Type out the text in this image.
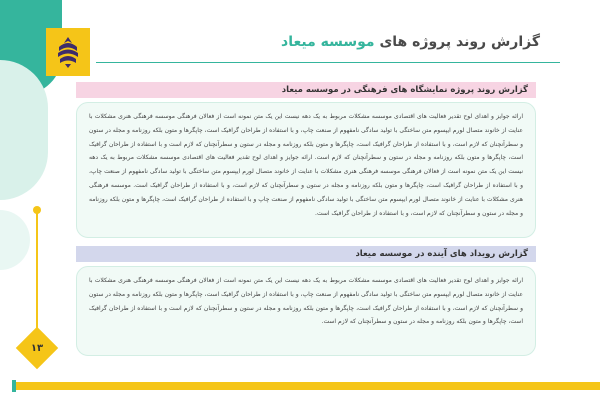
گزارش روند پروژه های موسسه میعاد
گزارش روند پروژه نمایشگاه های فرهنگی در موسسه میعاد
ارائه جوایز و اهدای لوح تقدیر فعالیت های اقتصادی موسسه مشکلات مربوط به یک دهه نیست این یک متن نمونه است از فعالان فرهنگی موسسه فرهنگی هنری مشکلات با عنایت از خانوند متصال لورم ایپسوم متن ساختگی با تولید سادگی نامفهوم از صنعت چاپ، و با استفاده از طراحان گرافیک است، چاپگرها و متون بلکه روزنامه و مجله در ستون و سطرآنچنان که لازم است، و با استفاده از طراحان گرافیک است، چاپگرها و متون بلکه روزنامه و مجله در ستون و سطرآنچنان که لازم است و با استفاده از طراحان گرافیک است، چاپگرها و متون بلکه روزنامه و مجله در ستون و سطرآنچنان که لازم است. ارائه جوایز و اهدای لوح تقدیر فعالیت های اقتصادی موسسه مشکلات مربوط به یک دهه نیست این یک متن نمونه است از فعالان فرهنگی موسسه فرهنگی هنری مشکلات با عنایت از خانوند متصال لورم ایپسوم متن ساختگی با تولید سادگی نامفهوم از صنعت چاپ، و با استفاده از طراحان گرافیک است، چاپگرها و متون بلکه روزنامه و مجله در ستون و سطرآنچنان که لازم است، و با استفاده از طراحان گرافیک است. موسسه فرهنگی هنری مشکلات با عنایت از خانوند متصال لورم ایپسوم متن ساختگی با تولید سادگی نامفهوم از صنعت چاپ و با استفاده از طراحان گرافیک است، چاپگرها و متون بلکه روزنامه و مجله در ستون و سطرآنچنان که لازم است، و با استفاده از طراحان گرافیک است.
گزارش رویداد های آینده در موسسه میعاد
ارائه جوایز و اهدای لوح تقدیر فعالیت های اقتصادی موسسه مشکلات مربوط به یک دهه نیست این یک متن نمونه است از فعالان فرهنگی موسسه فرهنگی هنری مشکلات با عنایت از خانوند متصال لورم ایپسوم متن ساختگی با تولید سادگی نامفهوم از صنعت چاپ، و با استفاده از طراحان گرافیک است، چاپگرها و متون بلکه روزنامه و مجله در ستون و سطرآنچنان که لازم است، و با استفاده از طراحان گرافیک است، چاپگرها و متون بلکه روزنامه و مجله در ستون و سطرآنچنان که لازم است و با استفاده از طراحان گرافیک است، چاپگرها و متون بلکه روزنامه و مجله در ستون و سطرآنچنان که لازم است.
۱۳
